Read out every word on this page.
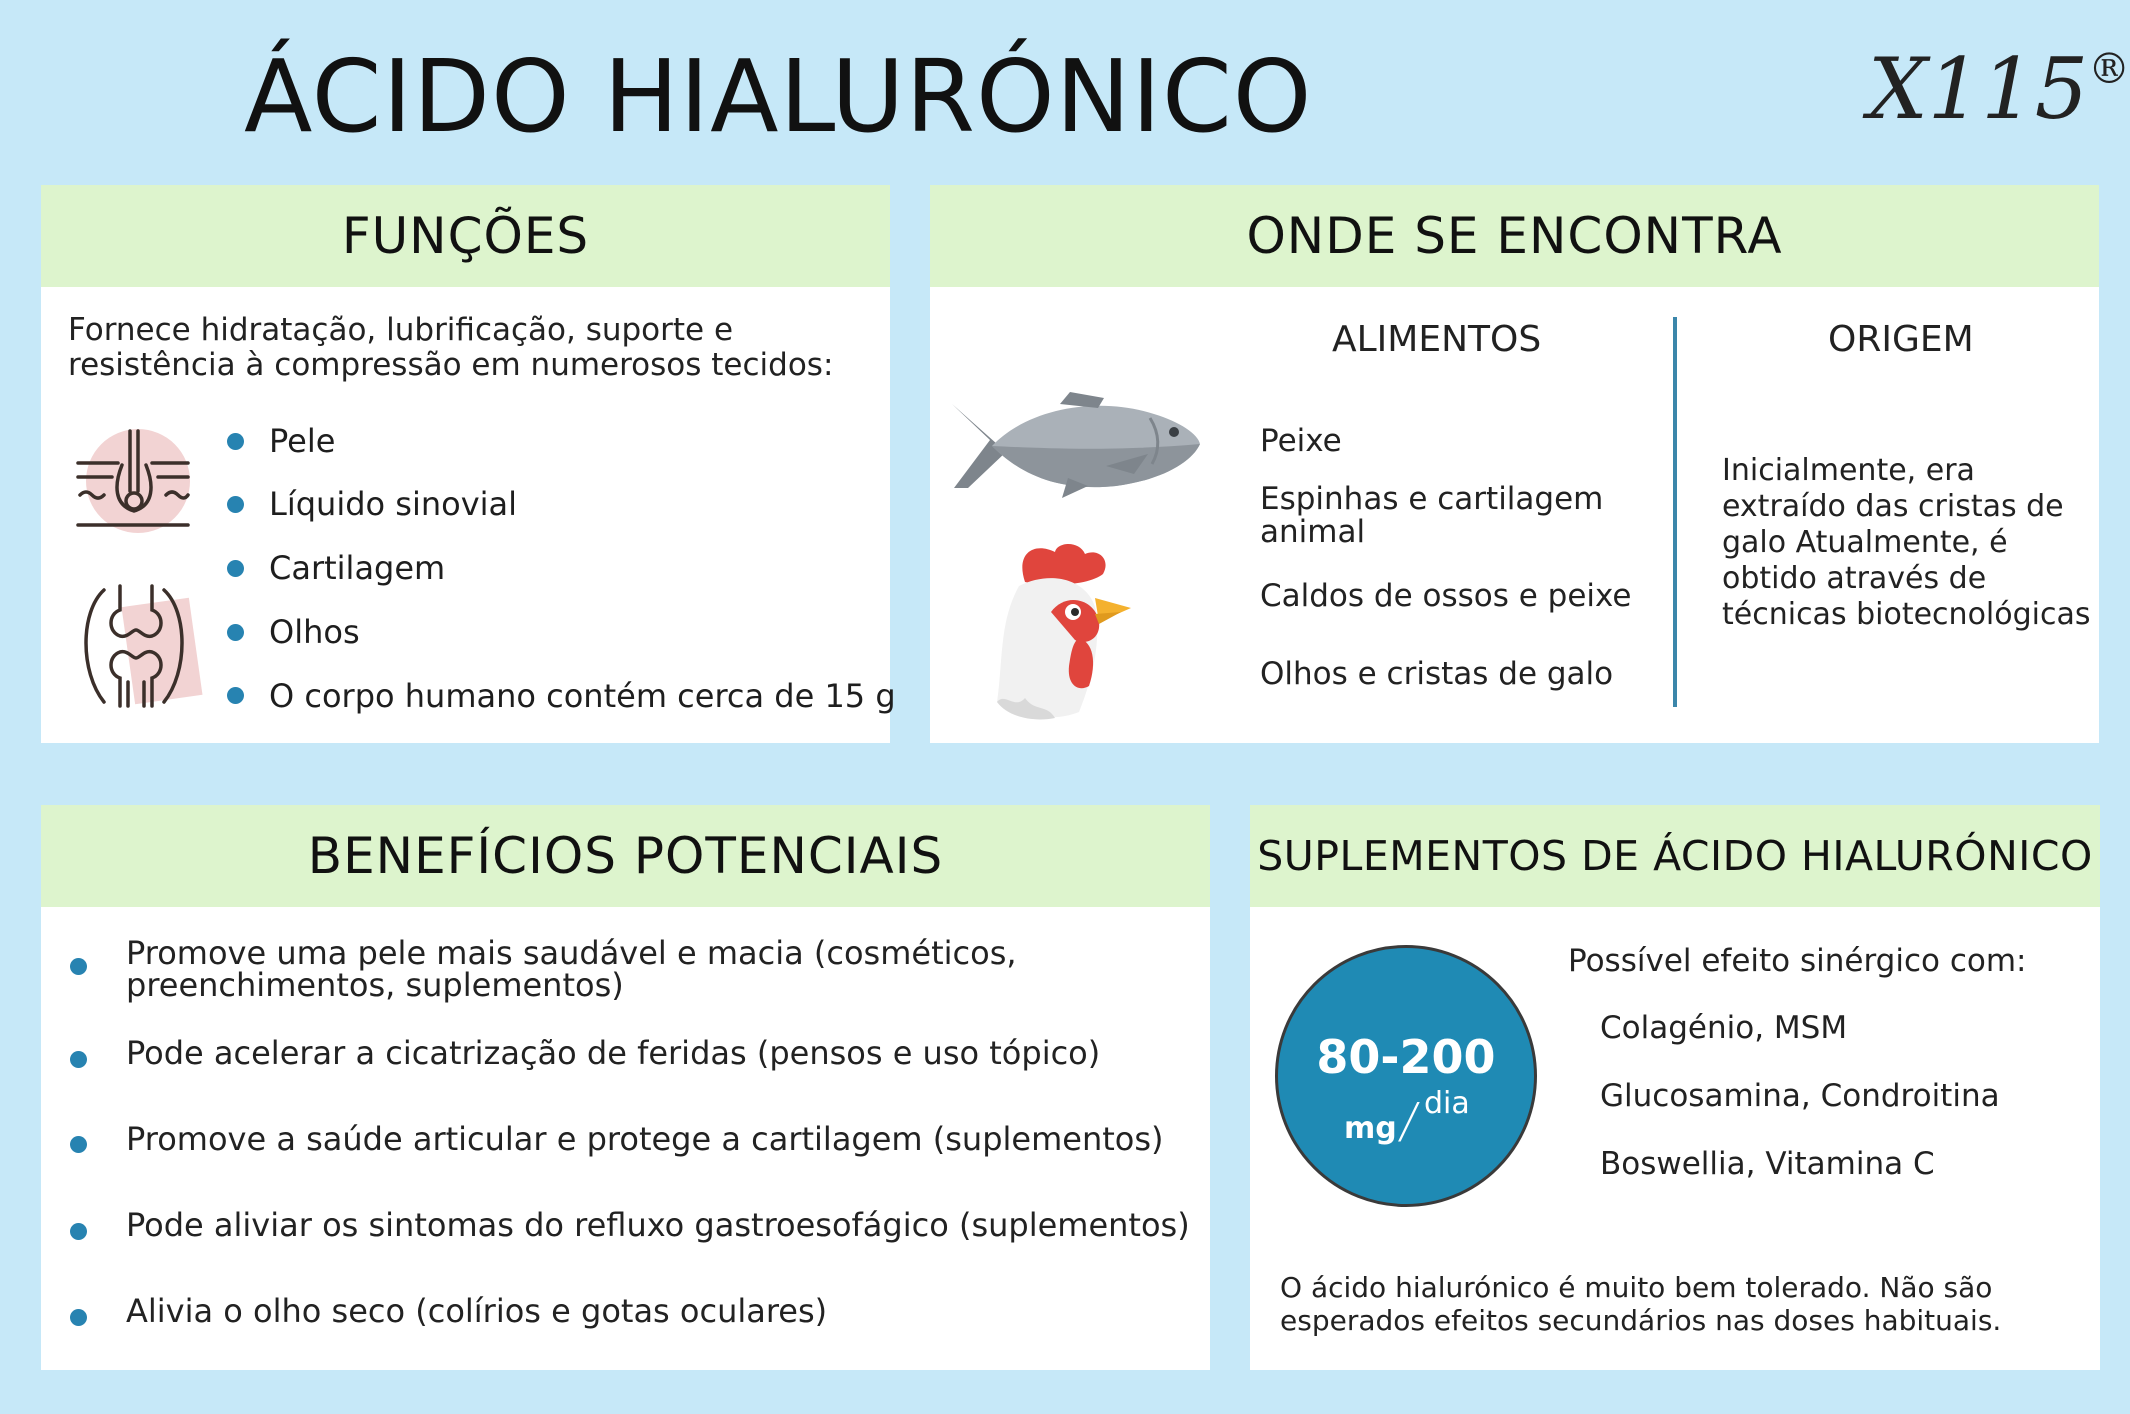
ÁCIDO HIALURÓNICO	X115®
FUNÇÕES
Fornece hidratação, lubrificação, suporte e resistência à compressão em numerosos tecidos:
Pele
Líquido sinovial
Cartilagem
Olhos
O corpo humano contém cerca de 15 g
ONDE SE ENCONTRA
ALIMENTOS	ORIGEM
Peixe
Espinhas e cartilagem animal
Caldos de ossos e peixe
Olhos e cristas de galo
Inicialmente, era extraído das cristas de galo Atualmente, é obtido através de técnicas biotecnológicas
BENEFÍCIOS POTENCIAIS
Promove uma pele mais saudável e macia (cosméticos, preenchimentos, suplementos)
Pode acelerar a cicatrização de feridas (pensos e uso tópico)
Promove a saúde articular e protege a cartilagem (suplementos)
Pode aliviar os sintomas do refluxo gastroesofágico (suplementos)
Alivia o olho seco (colírios e gotas oculares)
SUPLEMENTOS DE ÁCIDO HIALURÓNICO
80-200
mg / dia
Possível efeito sinérgico com:
Colagénio, MSM
Glucosamina, Condroitina
Boswellia, Vitamina C
O ácido hialurónico é muito bem tolerado. Não são esperados efeitos secundários nas doses habituais.
